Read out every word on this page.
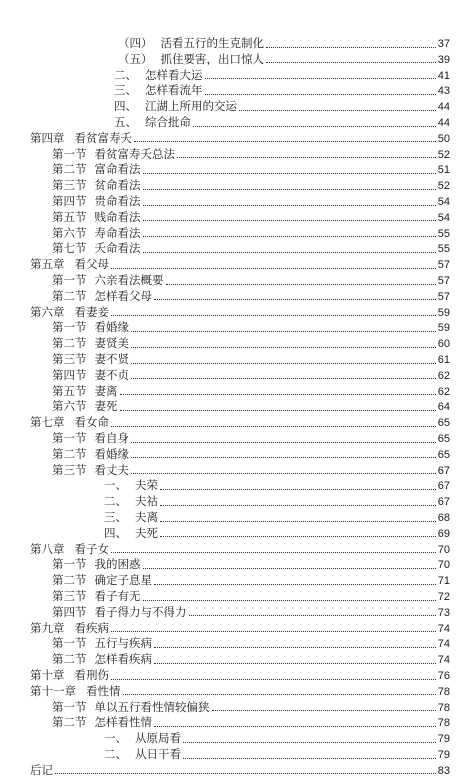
（四） 活看五行的生克制化	37
（五） 抓住要害，出口惊人	39
二、 怎样看大运	41
三、 怎样看流年	43
四、 江湖上所用的交运	44
五、 综合批命	44
第四章 看贫富寿夭	50
第一节 看贫富寿夭总法	52
第二节 富命看法	51
第三节 贫命看法	52
第四节 贵命看法	54
第五节 贱命看法	54
第六节 寿命看法	55
第七节 夭命看法	55
第五章 看父母	57
第一节 六亲看法概要	57
第二节 怎样看父母	57
第六章 看妻妾	59
第一节 看婚缘	59
第二节 妻贤美	60
第三节 妻不贤	61
第四节 妻不贞	62
第五节 妻离	62
第六节 妻死	64
第七章 看女命	65
第一节 看自身	65
第二节 看婚缘	65
第三节 看丈夫	67
一、 夫荣	67
二、 夫祜	67
三、 夫离	68
四、 夫死	69
第八章 看子女	70
第一节 我的困惑	70
第二节 确定子息星	71
第三节 看子有无	72
第四节 看子得力与不得力	73
第九章 看疾病	74
第一节 五行与疾病	74
第二节 怎样看疾病	74
第十章 看刑伤	76
第十一章 看性情	78
第一节 单以五行看性情较偏狭	78
第二节 怎样看性情	78
一、 从原局看	79
二、 从日干看	79
后记	83
